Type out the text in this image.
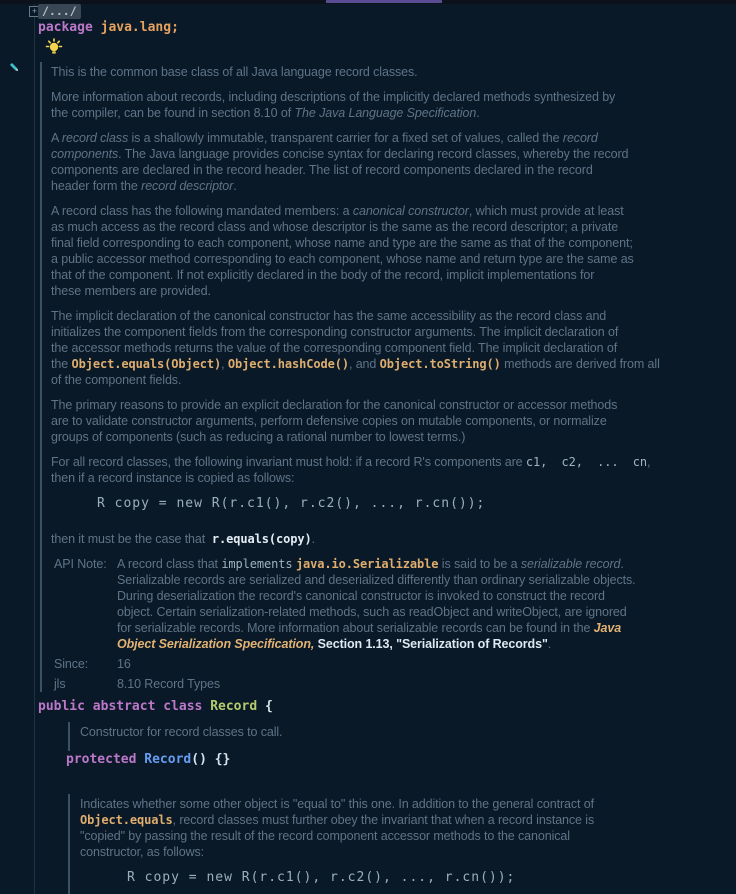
+ /.../
package java.lang;
This is the common base class of all Java language record classes.
More information about records, including descriptions of the implicitly declared methods synthesized by
the compiler, can be found in section 8.10 of The Java Language Specification.
A record class is a shallowly immutable, transparent carrier for a fixed set of values, called the record
components. The Java language provides concise syntax for declaring record classes, whereby the record
components are declared in the record header. The list of record components declared in the record
header form the record descriptor.
A record class has the following mandated members: a canonical constructor, which must provide at least
as much access as the record class and whose descriptor is the same as the record descriptor; a private
final field corresponding to each component, whose name and type are the same as that of the component;
a public accessor method corresponding to each component, whose name and return type are the same as
that of the component. If not explicitly declared in the body of the record, implicit implementations for
these members are provided.
The implicit declaration of the canonical constructor has the same accessibility as the record class and
initializes the component fields from the corresponding constructor arguments. The implicit declaration of
the accessor methods returns the value of the corresponding component field. The implicit declaration of
the Object.equals(Object), Object.hashCode(), and Object.toString() methods are derived from all
of the component fields.
The primary reasons to provide an explicit declaration for the canonical constructor or accessor methods
are to validate constructor arguments, perform defensive copies on mutable components, or normalize
groups of components (such as reducing a rational number to lowest terms.)
For all record classes, the following invariant must hold: if a record R's components are c1,  c2,  ...  cn,
then if a record instance is copied as follows:
R copy = new R(r.c1(), r.c2(), ..., r.cn());
then it must be the case that  r.equals(copy).
API Note: A record class that implements java.io.Serializable is said to be a serializable record.
Serializable records are serialized and deserialized differently than ordinary serializable objects.
During deserialization the record's canonical constructor is invoked to construct the record
object. Certain serialization-related methods, such as readObject and writeObject, are ignored
for serializable records. More information about serializable records can be found in the Java
Object Serialization Specification, Section 1.13, "Serialization of Records".
Since:	16
jls	8.10 Record Types
public abstract class Record {
Constructor for record classes to call.
protected Record() {}
Indicates whether some other object is "equal to" this one. In addition to the general contract of
Object.equals, record classes must further obey the invariant that when a record instance is
"copied" by passing the result of the record component accessor methods to the canonical
constructor, as follows:
R copy = new R(r.c1(), r.c2(), ..., r.cn());
